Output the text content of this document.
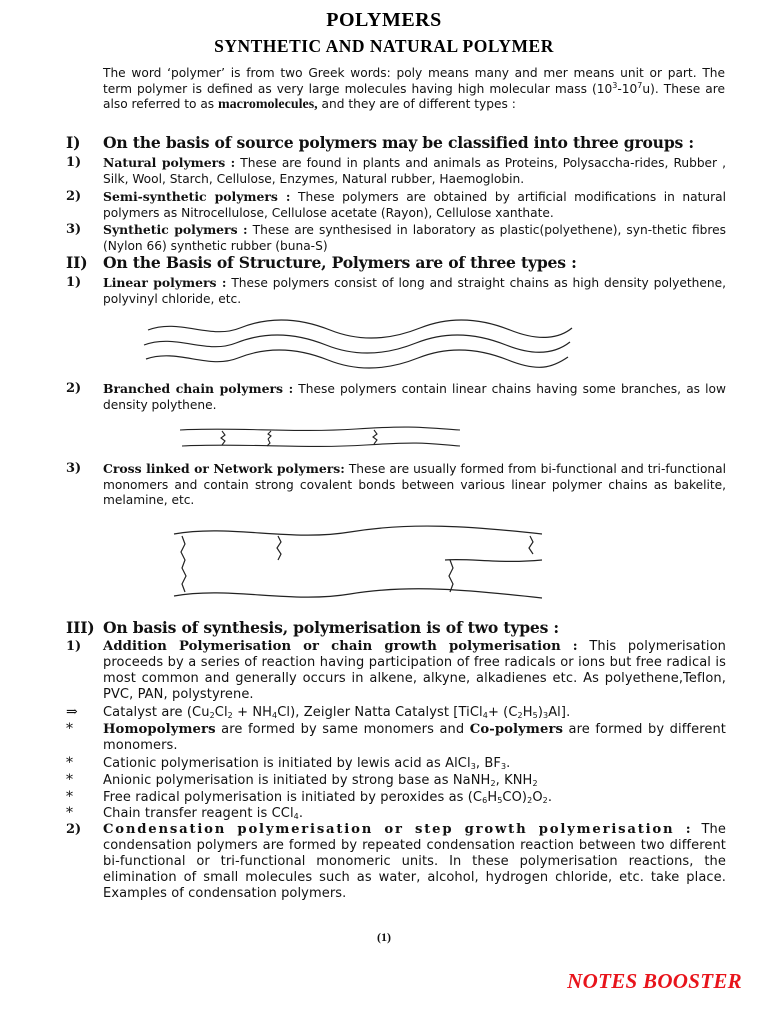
POLYMERS
SYNTHETIC AND NATURAL POLYMER
The word ‘polymer’ is from two Greek words: poly means many and mer means unit or part. The term polymer is defined as very large molecules having high molecular mass $(10^3-10^7u)$. These are also referred to as macromolecules, and they are of different types :
I) On the basis of source polymers may be classified into three groups :
1)	Natural polymers : These are found in plants and animals as Proteins, Polysaccha-rides, Rubber , Silk, Wool, Starch, Cellulose, Enzymes, Natural rubber, Haemoglobin.
2)	Semi-synthetic polymers : These polymers are obtained by artificial modifications in natural polymers as Nitrocellulose, Cellulose acetate (Rayon), Cellulose xanthate.
3)	Synthetic polymers : These are synthesised in laboratory as plastic(polyethene), syn-thetic fibres (Nylon 66) synthetic rubber (buna-S)
II) On the Basis of Structure, Polymers are of three types :
1)	Linear polymers : These polymers consist of long and straight chains as high density polyethene, polyvinyl chloride, etc.
2)	Branched chain polymers : These polymers contain linear chains having some branches, as low density polythene.
3)	Cross linked or Network polymers: These are usually formed from bi-functional and tri-functional monomers and contain strong covalent bonds between various linear polymer chains as bakelite, melamine, etc.
III) On basis of synthesis, polymerisation is of two types :
1)	Addition Polymerisation or chain growth polymerisation : This polymerisation proceeds by a series of reaction having participation of free radicals or ions but free radical is most common and generally occurs in alkene, alkyne, alkadienes etc. As polyethene,Teflon, PVC, PAN, polystyrene.
⇒	Catalyst are $(Cu_2Cl_2 + NH_4Cl)$, Zeigler Natta Catalyst [TiCl$_4$+ $(C_2H_5)_3Al$].
*	Homopolymers are formed by same monomers and Co-polymers are formed by different monomers.
*	Cationic polymerisation is initiated by lewis acid as AlCl$_3$, $BF_3$.
*	Anionic polymerisation is initiated by strong base as NaNH$_2$, $KNH_2$
*	Free radical polymerisation is initiated by peroxides as $(C_6H_5CO)_2O_2$.
*	Chain transfer reagent is CCl$_4$.
2)	Condensation polymerisation or step growth polymerisation : The condensation polymers are formed by repeated condensation reaction between two different bi-functional or tri-functional monomeric units. In these polymerisation reactions, the elimination of small molecules such as water, alcohol, hydrogen chloride, etc. take place. Examples of condensation polymers.
(1)
NOTES BOOSTER
